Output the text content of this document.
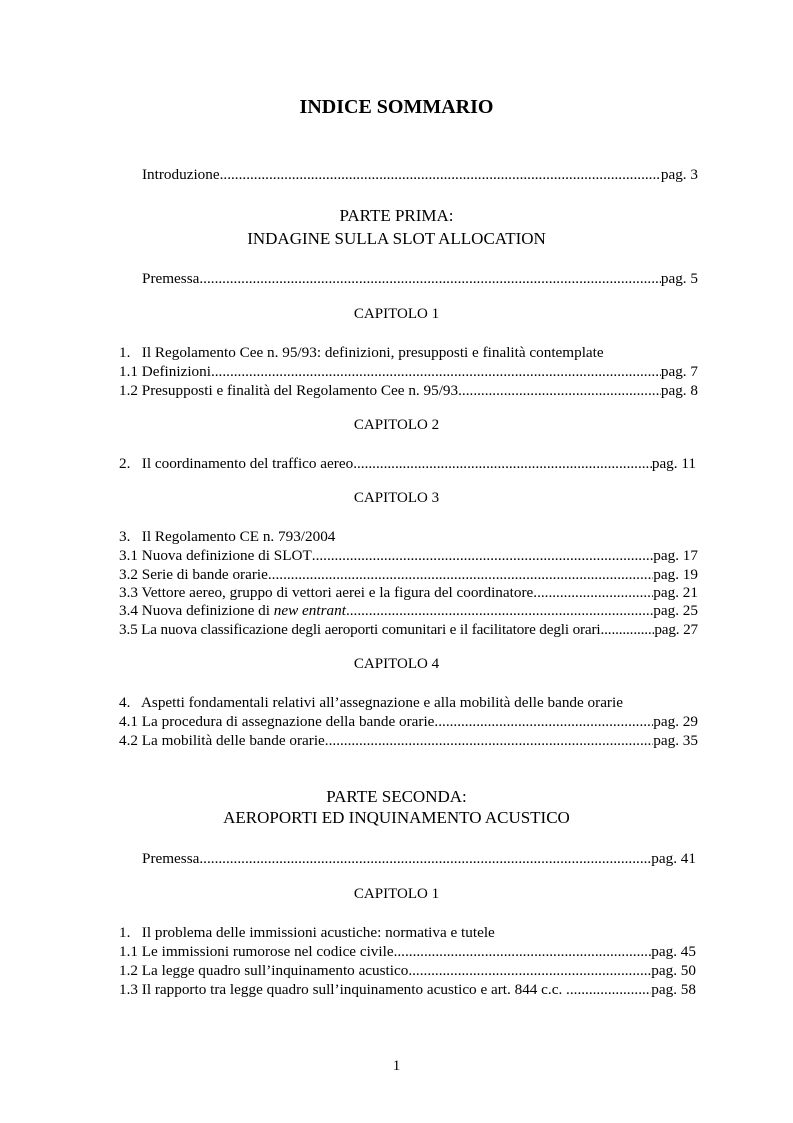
INDICE SOMMARIO
Introduzione .....	pag. 3
PARTE PRIMA:
INDAGINE SULLA SLOT ALLOCATION
Premessa .....	pag. 5
CAPITOLO 1
1.   Il Regolamento Cee n. 95/93: definizioni, presupposti e finalità contemplate
1.1 Definizioni .....	pag. 7
1.2 Presupposti e finalità del Regolamento Cee n. 95/93 .....	pag. 8
CAPITOLO 2
2.   Il coordinamento del traffico aereo .....	pag. 11
CAPITOLO 3
3.   Il Regolamento CE n. 793/2004
3.1 Nuova definizione di SLOT .....	pag. 17
3.2 Serie di bande orarie .....	pag. 19
3.3 Vettore aereo, gruppo di vettori aerei e la figura del coordinatore .....	pag. 21
3.4 Nuova definizione di new entrant .....	pag. 25
3.5 La nuova classificazione degli aeroporti comunitari e il facilitatore degli orari .....	pag. 27
CAPITOLO 4
4.   Aspetti fondamentali relativi all’assegnazione e alla mobilità delle bande orarie
4.1 La procedura di assegnazione della bande orarie .....	pag. 29
4.2 La mobilità delle bande orarie .....	pag. 35
PARTE SECONDA:
AEROPORTI ED INQUINAMENTO ACUSTICO
Premessa .....	pag. 41
CAPITOLO 1
1.   Il problema delle immissioni acustiche: normativa e tutele
1.1 Le immissioni rumorose nel codice civile .....	pag. 45
1.2 La legge quadro sull’inquinamento acustico .....	pag. 50
1.3 Il rapporto tra legge quadro sull’inquinamento acustico e art. 844 c.c. .....	pag. 58
1
